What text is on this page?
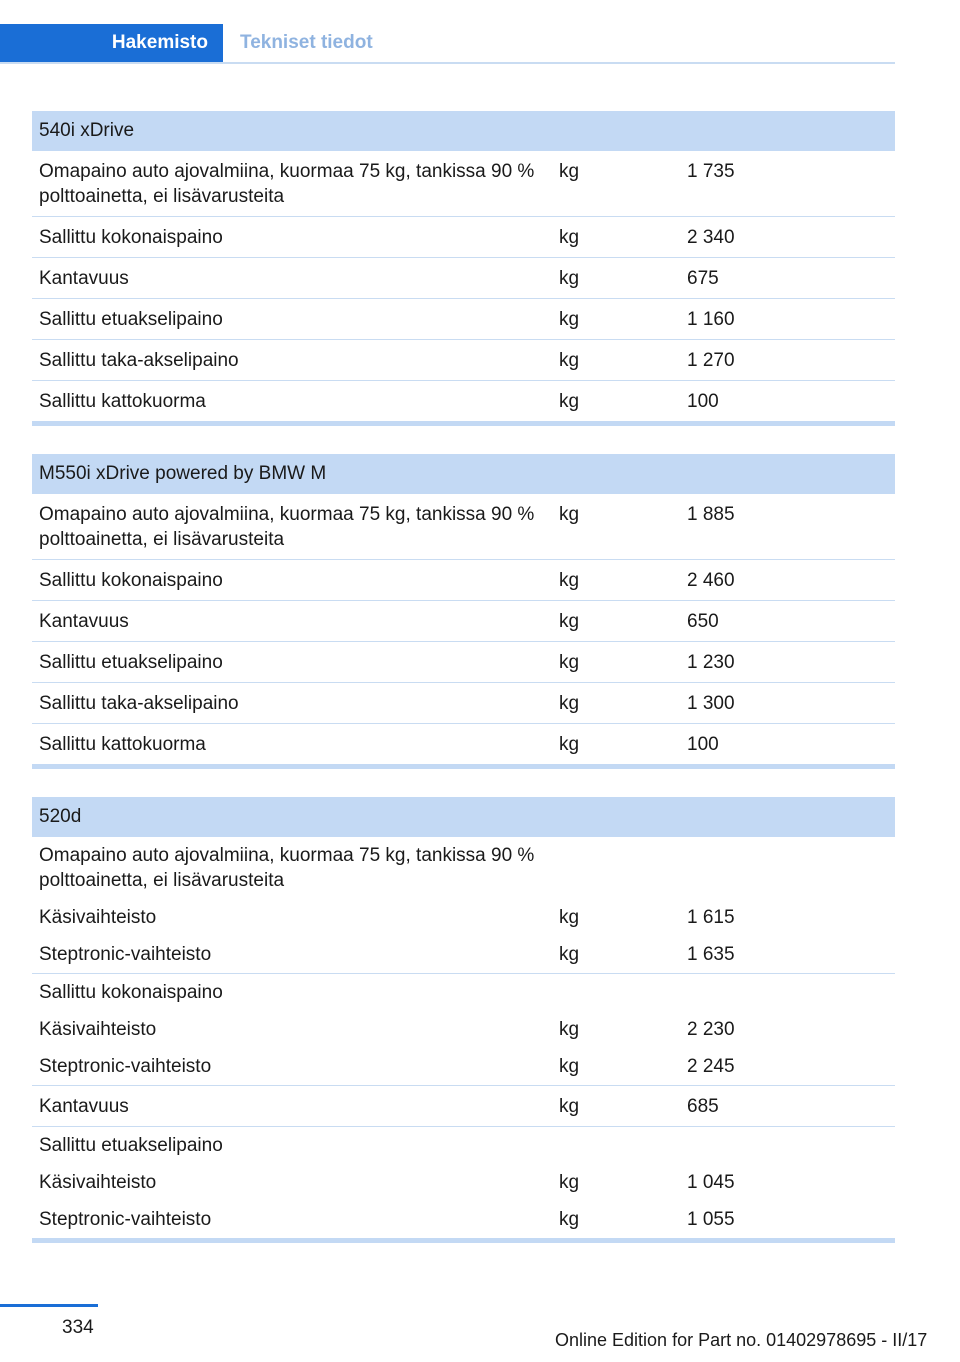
Hakemisto	Tekniset tiedot
540i xDrive		
Omapaino auto ajovalmiina, kuormaa 75 kg, tankissa 90 % polttoainetta, ei lisävarusteita	kg	1 735
Sallittu kokonaispaino	kg	2 340
Kantavuus	kg	675
Sallittu etuakselipaino	kg	1 160
Sallittu taka-akselipaino	kg	1 270
Sallittu kattokuorma	kg	100
M550i xDrive powered by BMW M		
Omapaino auto ajovalmiina, kuormaa 75 kg, tankissa 90 % polttoainetta, ei lisävarusteita	kg	1 885
Sallittu kokonaispaino	kg	2 460
Kantavuus	kg	650
Sallittu etuakselipaino	kg	1 230
Sallittu taka-akselipaino	kg	1 300
Sallittu kattokuorma	kg	100
520d		
Omapaino auto ajovalmiina, kuormaa 75 kg, tankissa 90 % polttoainetta, ei lisävarusteita		
Käsivaihteisto	kg	1 615
Steptronic-vaihteisto	kg	1 635
Sallittu kokonaispaino		
Käsivaihteisto	kg	2 230
Steptronic-vaihteisto	kg	2 245
Kantavuus	kg	685
Sallittu etuakselipaino		
Käsivaihteisto	kg	1 045
Steptronic-vaihteisto	kg	1 055
334
Online Edition for Part no. 01402978695 - II/17
